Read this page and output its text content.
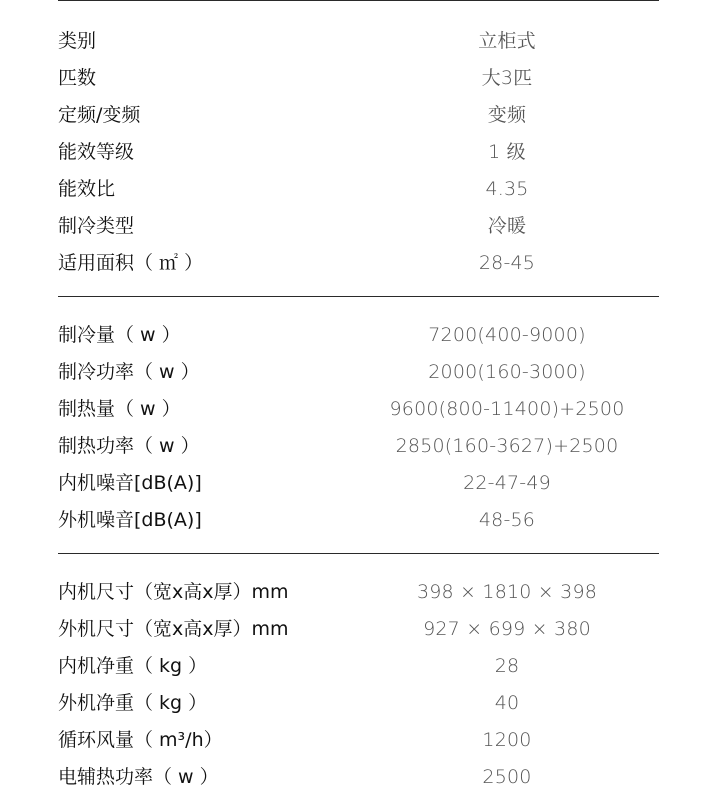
类别	立柜式
匹数	大3匹
定频/变频	变频
能效等级	1 级
能效比	4.35
制冷类型	冷暖
适用面积（ ㎡ ）	28-45
制冷量（ w ）	7200(400-9000)
制冷功率（ w ）	2000(160-3000)
制热量（ w ）	9600(800-11400)+2500
制热功率（ w ）	2850(160-3627)+2500
内机噪音[dB(A)]	22-47-49
外机噪音[dB(A)]	48-56
内机尺寸（宽x高x厚）mm	398 × 1810 × 398
外机尺寸（宽x高x厚）mm	927 × 699 × 380
内机净重（ kg ）	28
外机净重（ kg ）	40
循环风量（ m³/h）	1200
电辅热功率（ w ）	2500
